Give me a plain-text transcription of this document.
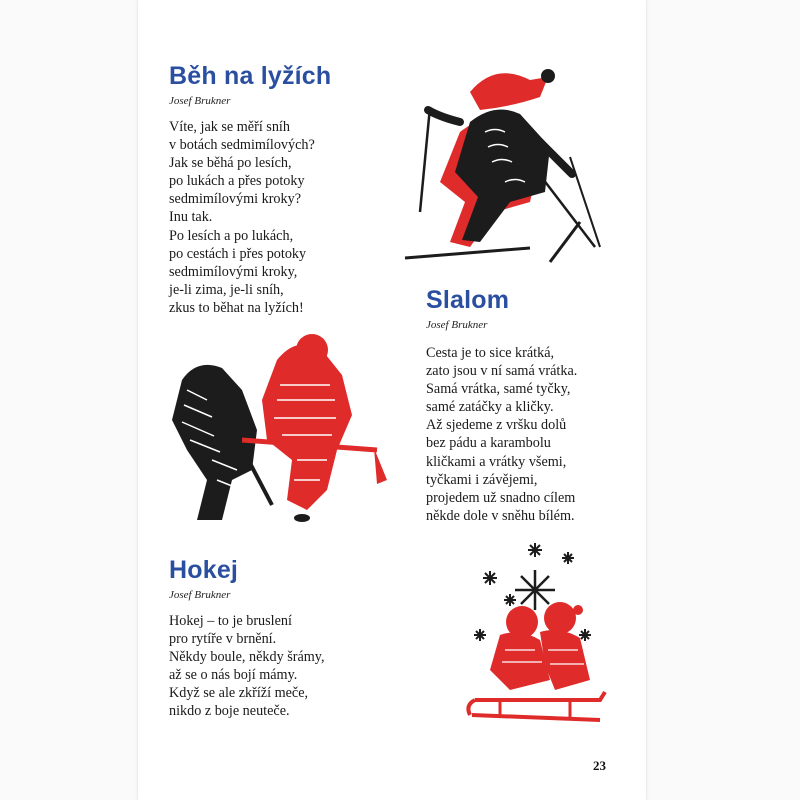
Běh na lyžích

Josef Brukner

Víte, jak se měří sníh
v botách sedmimílových?
Jak se běhá po lesích,
po lukách a přes potoky
sedmimílovými kroky?
Inu tak.
Po lesích a po lukách,
po cestách i přes potoky
sedmimílovými kroky,
je-li zima, je-li sníh,
zkus to běhat na lyžích!	Slalom

Josef Brukner

Cesta je to sice krátká,
zato jsou v ní samá vrátka.
Samá vrátka, samé tyčky,
samé zatáčky a kličky.
Až sjedeme z vršku dolů
bez pádu a karambolu
kličkami a vrátky všemi,
tyčkami i závějemi,
projedem už snadno cílem
někde dole v sněhu bílém.
Hokej

Josef Brukner

Hokej – to je bruslení
pro rytíře v brnění.
Někdy boule, někdy šrámy,
až se o nás bojí mámy.
Když se ale zkříží meče,
nikdo z boje neuteče.
23
